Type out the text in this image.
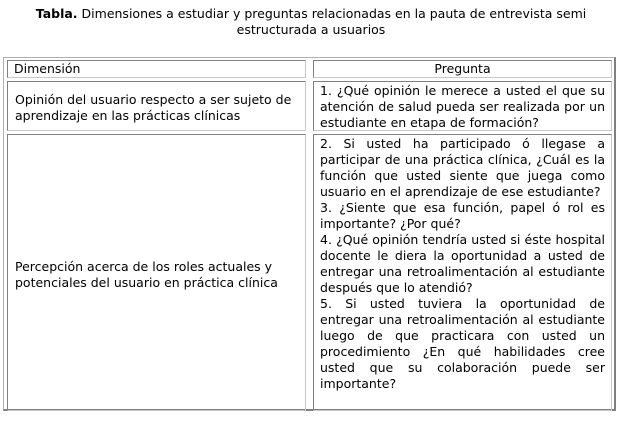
Tabla. Dimensiones a estudiar y preguntas relacionadas en la pauta de entrevista semi estructurada a usuarios
Dimensión	Pregunta
Opinión del usuario respecto a ser sujeto de aprendizaje en las prácticas clínicas
1. ¿Qué opinión le merece a usted el que su atención de salud pueda ser realizada por un estudiante en etapa de formación?
Percepción acerca de los roles actuales y potenciales del usuario en práctica clínica
2. Si usted ha participado ó llegase a participar de una práctica clínica, ¿Cuál es la función que usted siente que juega como usuario en el aprendizaje de ese estudiante?
3. ¿Siente que esa función, papel ó rol es importante? ¿Por qué?
4. ¿Qué opinión tendría usted si éste hospital docente le diera la oportunidad a usted de entregar una retroalimentación al estudiante después que lo atendió?
5. Si usted tuviera la oportunidad de entregar una retroalimentación al estudiante luego de que practicara con usted un procedimiento ¿En qué habilidades cree usted que su colaboración puede ser importante?
